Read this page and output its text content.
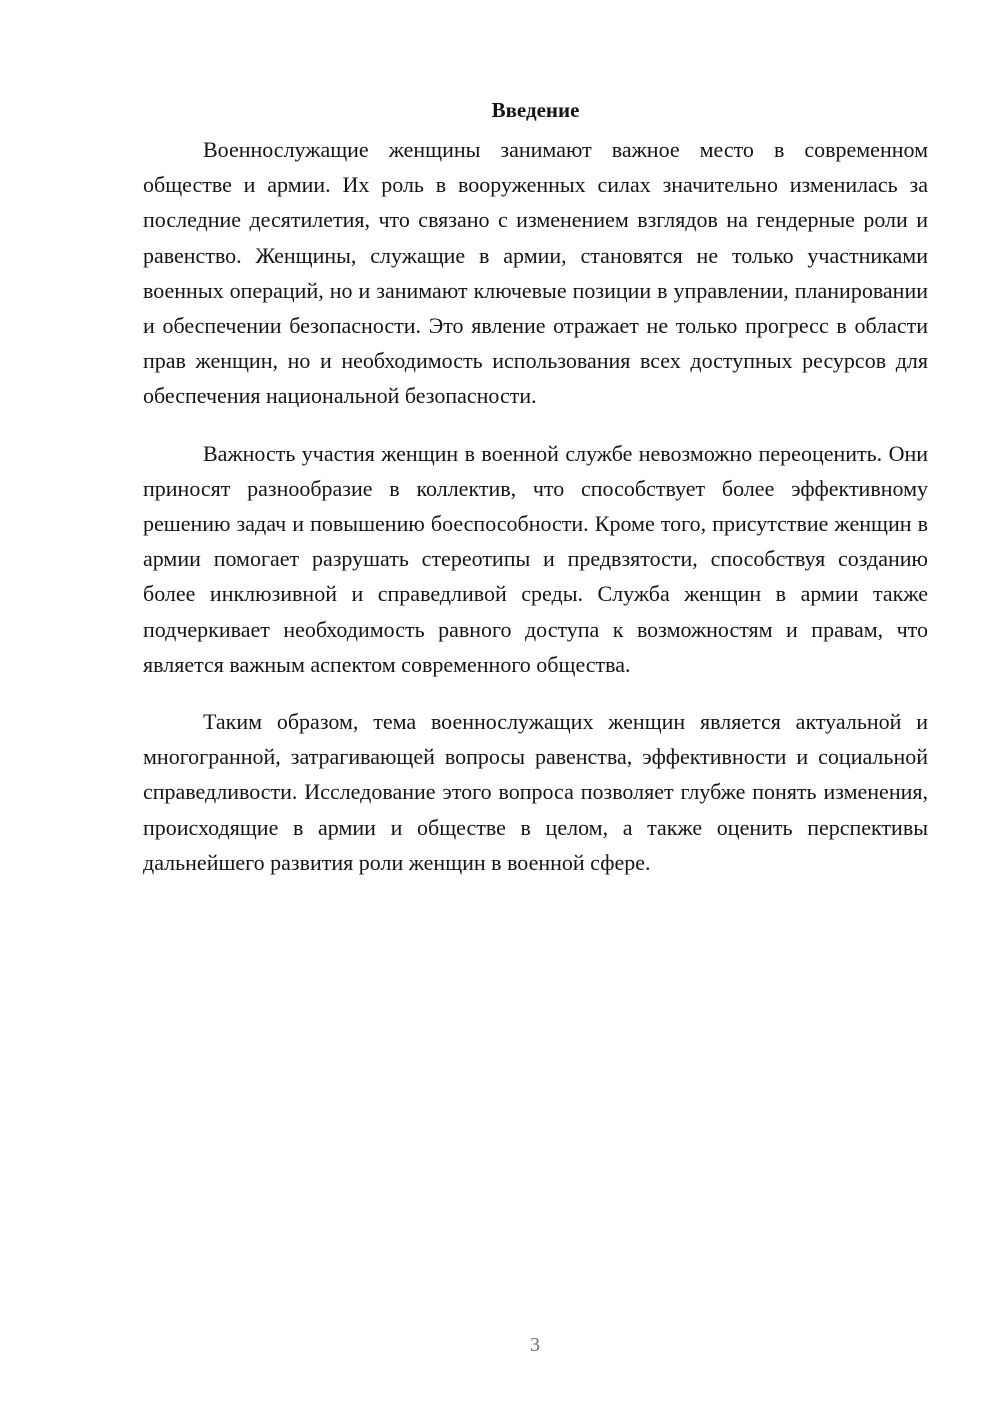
Введение

Военнослужащие женщины занимают важное место в современном обществе и армии. Их роль в вооруженных силах значительно изменилась за последние десятилетия, что связано с изменением взглядов на гендерные роли и равенство. Женщины, служащие в армии, становятся не только участниками военных операций, но и занимают ключевые позиции в управлении, планировании и обеспечении безопасности. Это явление отражает не только прогресс в области прав женщин, но и необходимость использования всех доступных ресурсов для обеспечения национальной безопасности.

Важность участия женщин в военной службе невозможно переоценить. Они приносят разнообразие в коллектив, что способствует более эффективному решению задач и повышению боеспособности. Кроме того, присутствие женщин в армии помогает разрушать стереотипы и предвзятости, способствуя созданию более инклюзивной и справедливой среды. Служба женщин в армии также подчеркивает необходимость равного доступа к возможностям и правам, что является важным аспектом современного общества.

Таким образом, тема военнослужащих женщин является актуальной и многогранной, затрагивающей вопросы равенства, эффективности и социальной справедливости. Исследование этого вопроса позволяет глубже понять изменения, происходящие в армии и обществе в целом, а также оценить перспективы дальнейшего развития роли женщин в военной сфере.

3
